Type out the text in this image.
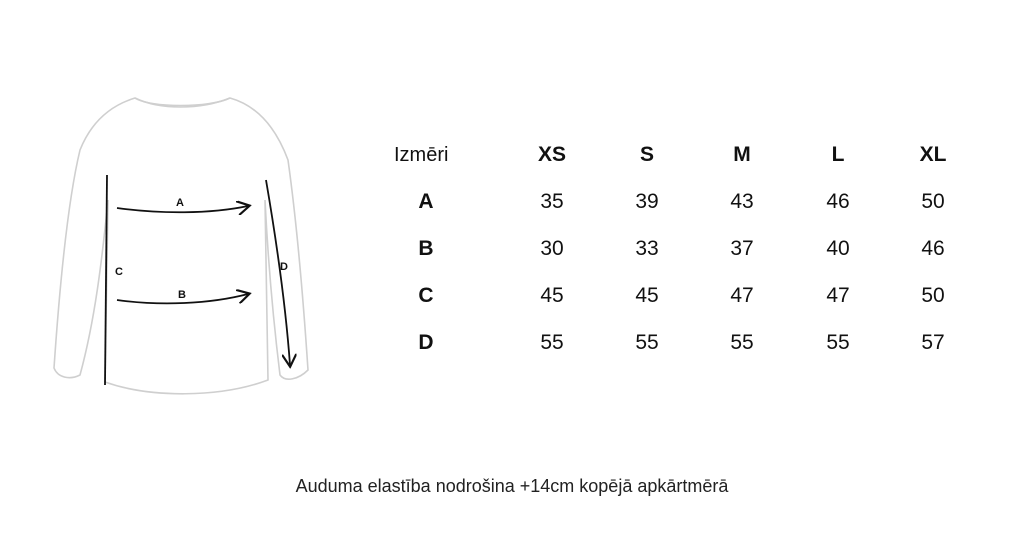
A
B
C	D
Izmēri	XS	S	M	L	XL
A	35	39	43	46	50
B	30	33	37	40	46
C	45	45	47	47	50
D	55	55	55	55	57
Auduma elastība nodrošina +14cm kopējā apkārtmērā
